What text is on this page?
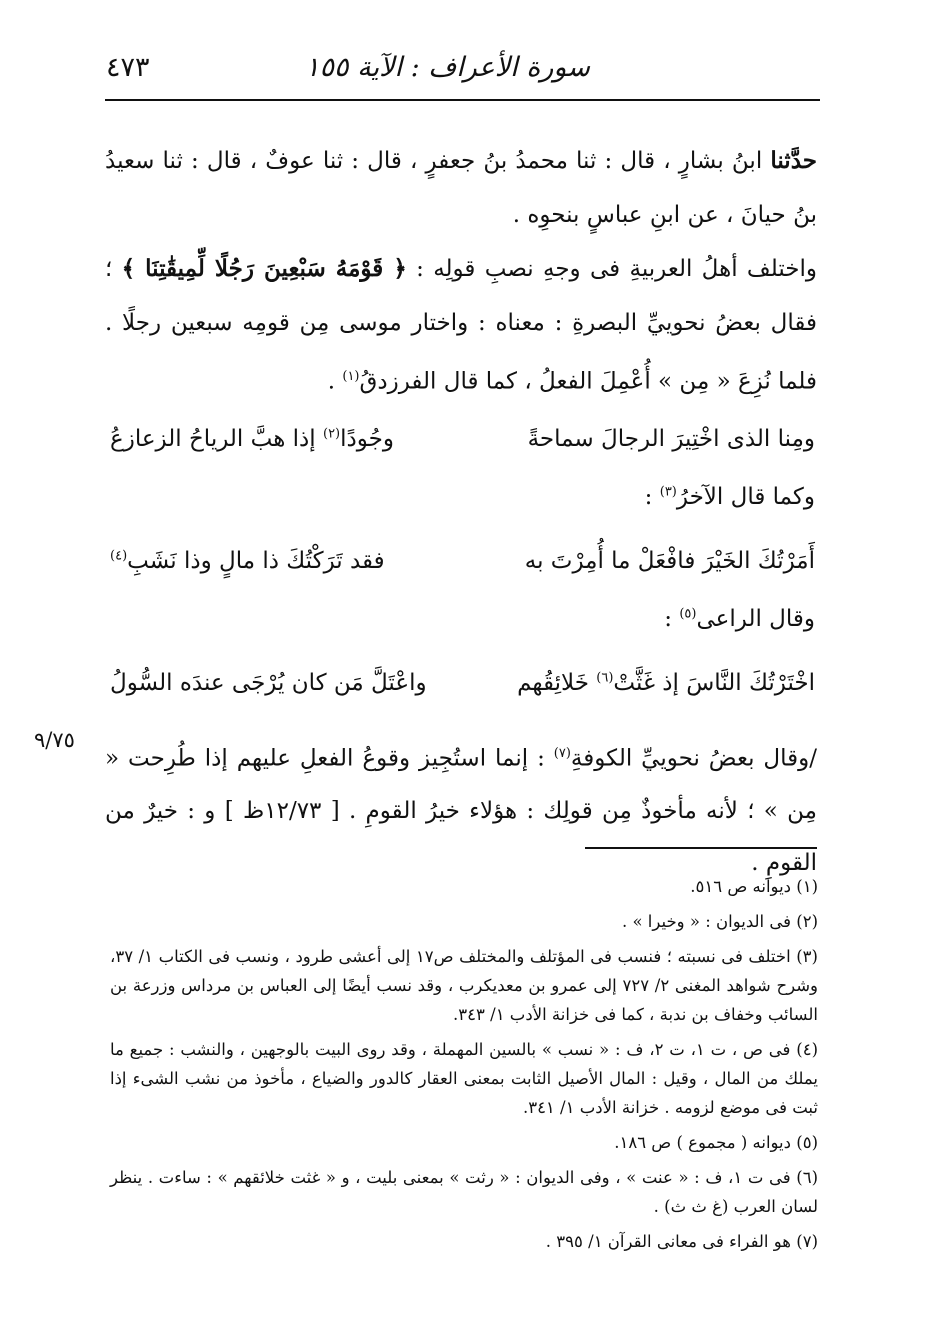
سورة الأعراف : الآية ١٥٥
٤٧٣
حدَّثنا ابنُ بشارٍ ، قال : ثنا محمدُ بنُ جعفرٍ ، قال : ثنا عوفٌ ، قال : ثنا سعيدُ بنُ حيانَ ، عن ابنِ عباسٍ بنحوِه .
واختلف أهلُ العربيةِ فى وجهِ نصبِ قولِه : ﴿ قَوْمَهُ سَبْعِينَ رَجُلًا لِّمِيقَٰتِنَا ﴾ ؛ فقال بعضُ نحوييِّ البصرةِ : معناه : واختار موسى مِن قومِه سبعين رجلًا . فلما نُزِعَ « مِن » أُعْمِلَ الفعلُ ، كما قال الفرزدقُ$^{(١)}$ .
ومِنا الذى اخْتِيرَ الرجالَ سماحةً
وجُودًا$^{(٢)}$ إذا هبَّ الرياحُ الزعازعُ
وكما قال الآخرُ$^{(٣)}$ :
أَمَرْتُكَ الخَيْرَ فافْعَلْ ما أُمِرْتَ به
فقد تَرَكْتُكَ ذا مالٍ وذا نَشَبِ$^{(٤)}$
وقال الراعى$^{(٥)}$ :
اخْتَرْتُكَ النَّاسَ إذ غَثَّتْ$^{(٦)}$ خَلائِقُهم
واعْتَلَّ مَن كان يُرْجَى عندَه السُّولُ
/وقال بعضُ نحوييِّ الكوفةِ$^{(٧)}$ : إنما استُجِيز وقوعُ الفعلِ عليهم إذا طُرِحت « مِن » ؛ لأنه مأخوذٌ مِن قولِك : هؤلاء خيرُ القومِ . [ ١٢/٧٣ظ ] و : خيرٌ من القومِ .
٩/٧٥

(١) ديوانه ص ٥١٦.

(٢) فى الديوان : « وخيرا » .

(٣) اختلف فى نسبته ؛ فنسب فى المؤتلف والمختلف ص١٧ إلى أعشى طرود ، ونسب فى الكتاب ١/ ٣٧، وشرح شواهد المغنى ٢/ ٧٢٧ إلى عمرو بن معديكرب ، وقد نسب أيضًا إلى العباس بن مرداس وزرعة بن السائب وخفاف بن ندبة ، كما فى خزانة الأدب ١/ ٣٤٣.

(٤) فى ص ، ت ١، ت ٢، ف : « نسب » بالسين المهملة ، وقد روى البيت بالوجهين ، والنشب : جميع ما يملك من المال ، وقيل : المال الأصيل الثابت بمعنى العقار كالدور والضياع ، مأخوذ من نشب الشىء إذا ثبت فى موضع لزومه . خزانة الأدب ١/ ٣٤١.

(٥) ديوانه ( مجموع ) ص ١٨٦.

(٦) فى ت ١، ف : « عنت » ، وفى الديوان : « رثت » بمعنى بليت ، و « غثت خلائقهم » : ساءت . ينظر لسان العرب (غ ث ث) .

(٧) هو الفراء فى معانى القرآن ١/ ٣٩٥ .
